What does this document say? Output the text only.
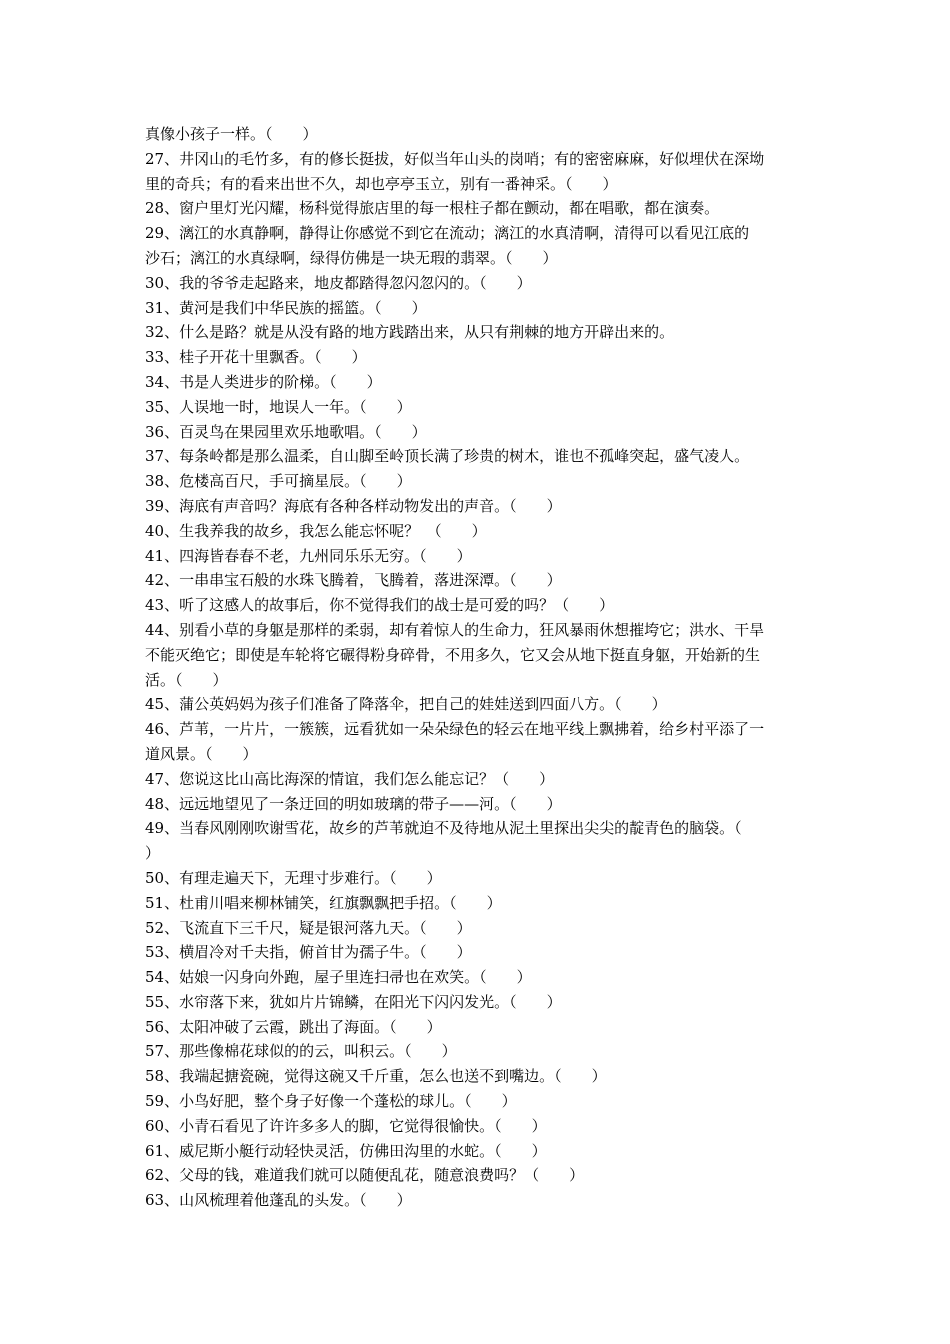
真像小孩子一样。（　　）
27、井冈山的毛竹多，有的修长挺拔，好似当年山头的岗哨；有的密密麻麻，好似埋伏在深坳
里的奇兵；有的看来出世不久，却也亭亭玉立，别有一番神采。（　　）
28、窗户里灯光闪耀，杨科觉得旅店里的每一根柱子都在颤动，都在唱歌，都在演奏。
29、漓江的水真静啊，静得让你感觉不到它在流动；漓江的水真清啊，清得可以看见江底的
沙石；漓江的水真绿啊，绿得仿佛是一块无瑕的翡翠。（　　）
30、我的爷爷走起路来，地皮都踏得忽闪忽闪的。（　　）
31、黄河是我们中华民族的摇篮。（　　）
32、什么是路？就是从没有路的地方践踏出来，从只有荆棘的地方开辟出来的。
33、桂子开花十里飘香。（　　）
34、书是人类进步的阶梯。（　　）
35、人误地一时，地误人一年。（　　）
36、百灵鸟在果园里欢乐地歌唱。（　　）
37、每条岭都是那么温柔，自山脚至岭顶长满了珍贵的树木，谁也不孤峰突起，盛气凌人。
38、危楼高百尺，手可摘星辰。（　　）
39、海底有声音吗？海底有各种各样动物发出的声音。（　　）
40、生我养我的故乡，我怎么能忘怀呢？　（　　）
41、四海皆春春不老，九州同乐乐无穷。（　　）
42、一串串宝石般的水珠飞腾着，飞腾着，落进深潭。（　　）
43、听了这感人的故事后，你不觉得我们的战士是可爱的吗？（　　）
44、别看小草的身躯是那样的柔弱，却有着惊人的生命力，狂风暴雨休想摧垮它；洪水、干旱
不能灭绝它；即使是车轮将它碾得粉身碎骨，不用多久，它又会从地下挺直身躯，开始新的生
活。（　　）
45、蒲公英妈妈为孩子们准备了降落伞，把自己的娃娃送到四面八方。（　　）
46、芦苇，一片片，一簇簇，远看犹如一朵朵绿色的轻云在地平线上飘拂着，给乡村平添了一
道风景。（　　）
47、您说这比山高比海深的情谊，我们怎么能忘记？（　　）
48、远远地望见了一条迂回的明如玻璃的带子——河。（　　）
49、当春风刚刚吹谢雪花，故乡的芦苇就迫不及待地从泥土里探出尖尖的靛青色的脑袋。（
）
50、有理走遍天下，无理寸步难行。（　　）
51、杜甫川唱来柳林铺笑，红旗飘飘把手招。（　　）
52、飞流直下三千尺，疑是银河落九天。（　　）
53、横眉冷对千夫指，俯首甘为孺子牛。（　　）
54、姑娘一闪身向外跑，屋子里连扫帚也在欢笑。（　　）
55、水帘落下来，犹如片片锦鳞，在阳光下闪闪发光。（　　）
56、太阳冲破了云霞，跳出了海面。（　　）
57、那些像棉花球似的的云，叫积云。（　　）
58、我端起搪瓷碗，觉得这碗又千斤重，怎么也送不到嘴边。（　　）
59、小鸟好肥，整个身子好像一个蓬松的球儿。（　　）
60、小青石看见了许许多多人的脚，它觉得很愉快。（　　）
61、威尼斯小艇行动轻快灵活，仿佛田沟里的水蛇。（　　）
62、父母的钱，难道我们就可以随便乱花，随意浪费吗？（　　）
63、山风梳理着他蓬乱的头发。（　　）
